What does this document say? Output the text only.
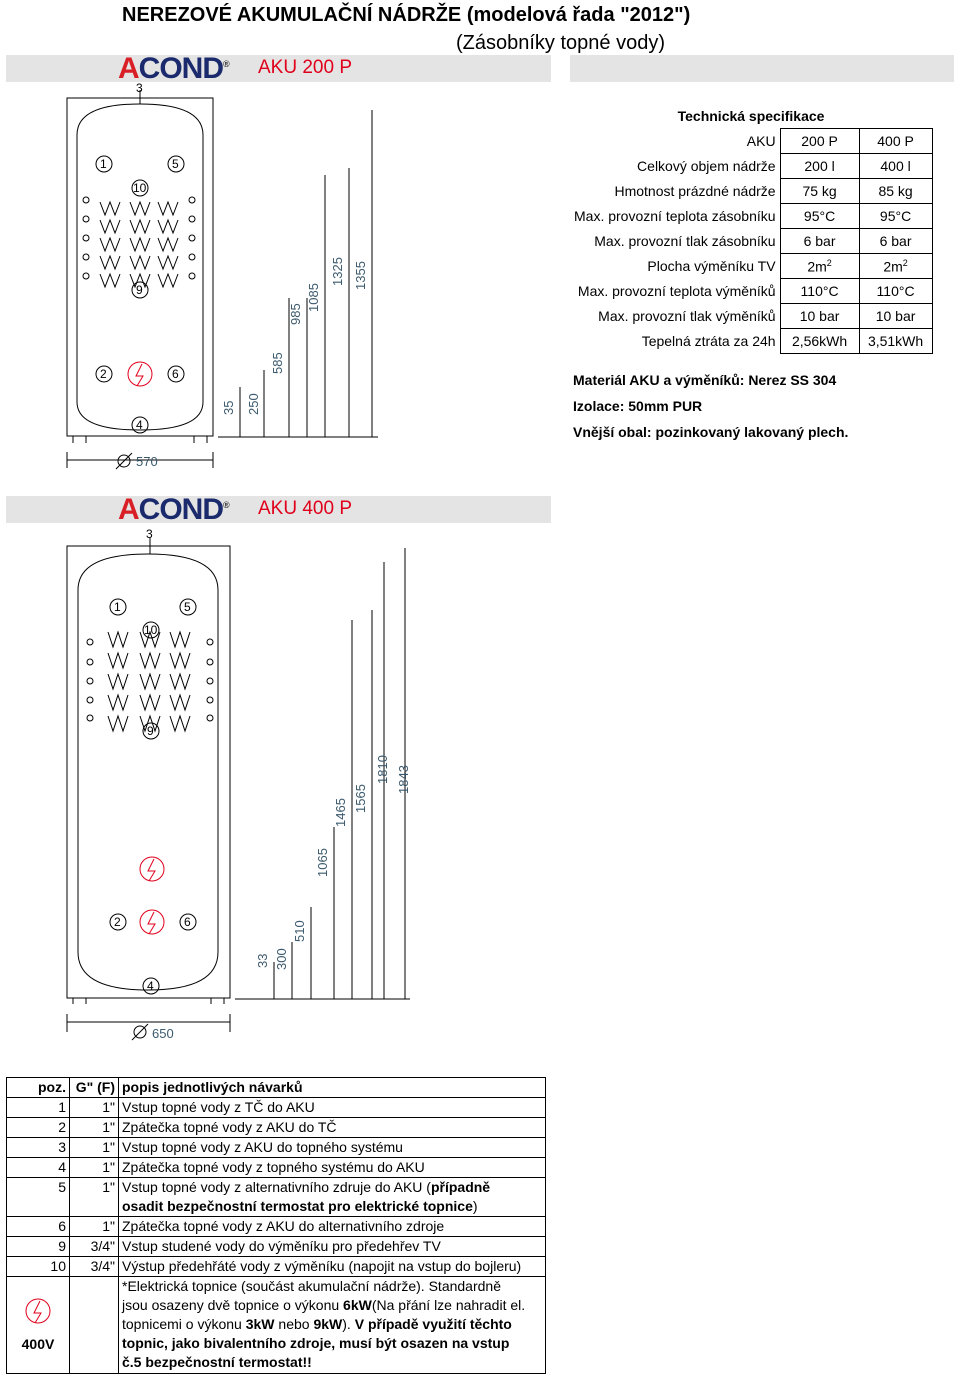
NEREZOVÉ AKUMULAČNÍ NÁDRŽE (modelová řada "2012")
(Zásobníky topné vody)
ACOND® AKU 200 P
ACOND® AKU 400 P
1	5
10
9
2	6
4
3
570
35 250
585
985
1085
1325 1355
Technická specifikace		
AKU	200 P	400 P
Celkový objem nádrže	200 l	400 l
Hmotnost prázdné nádrže	75 kg	85 kg
Max. provozní teplota zásobníku	95°C	95°C
Max. provozní tlak zásobníku	6 bar	6 bar
Plocha výměníku TV	$2m^2$	$2m^2$
Max. provozní teplota výměníků	110°C	110°C
Max. provozní tlak výměníků	10 bar	10 bar
Tepelná ztráta za 24h	2,56kWh	3,51kWh
Materiál AKU a výměníků: Nerez SS 304
Izolace: 50mm PUR
Vnější obal: pozinkovaný lakovaný plech.
1	5
10
9
2	6
4
3
650
33 300
510
1065
1465 1565
1810 1843
poz.	G" (F)	popis jednotlivých návarků
1	1"	Vstup topné vody z TČ do AKU
2	1"	Zpátečka topné vody z AKU do TČ
3	1"	Vstup topné vody z AKU do topného systému
4	1"	Zpátečka topné vody z topného systému do AKU
5	1"	Vstup topné vody z alternativního zdruje do AKU (případně
osadit bezpečnostní termostat pro elektrické topnice)
6	1"	Zpátečka topné vody z AKU do alternativního zdroje
9	3/4"	Vstup studené vody do výměníku pro předehřev TV
10	3/4"	Výstup předehřáté vody z výměníku (napojit na vstup do bojleru)

400V		*Elektrická topnice (součást akumulační nádrže). Standardně
jsou osazeny dvě topnice o výkonu 6kW(Na přání lze nahradit el.
topnicemi o výkonu 3kW nebo 9kW). V případě využití těchto
topnic, jako bivalentního zdroje, musí být osazen na vstup
č.5 bezpečnostní termostat!!
